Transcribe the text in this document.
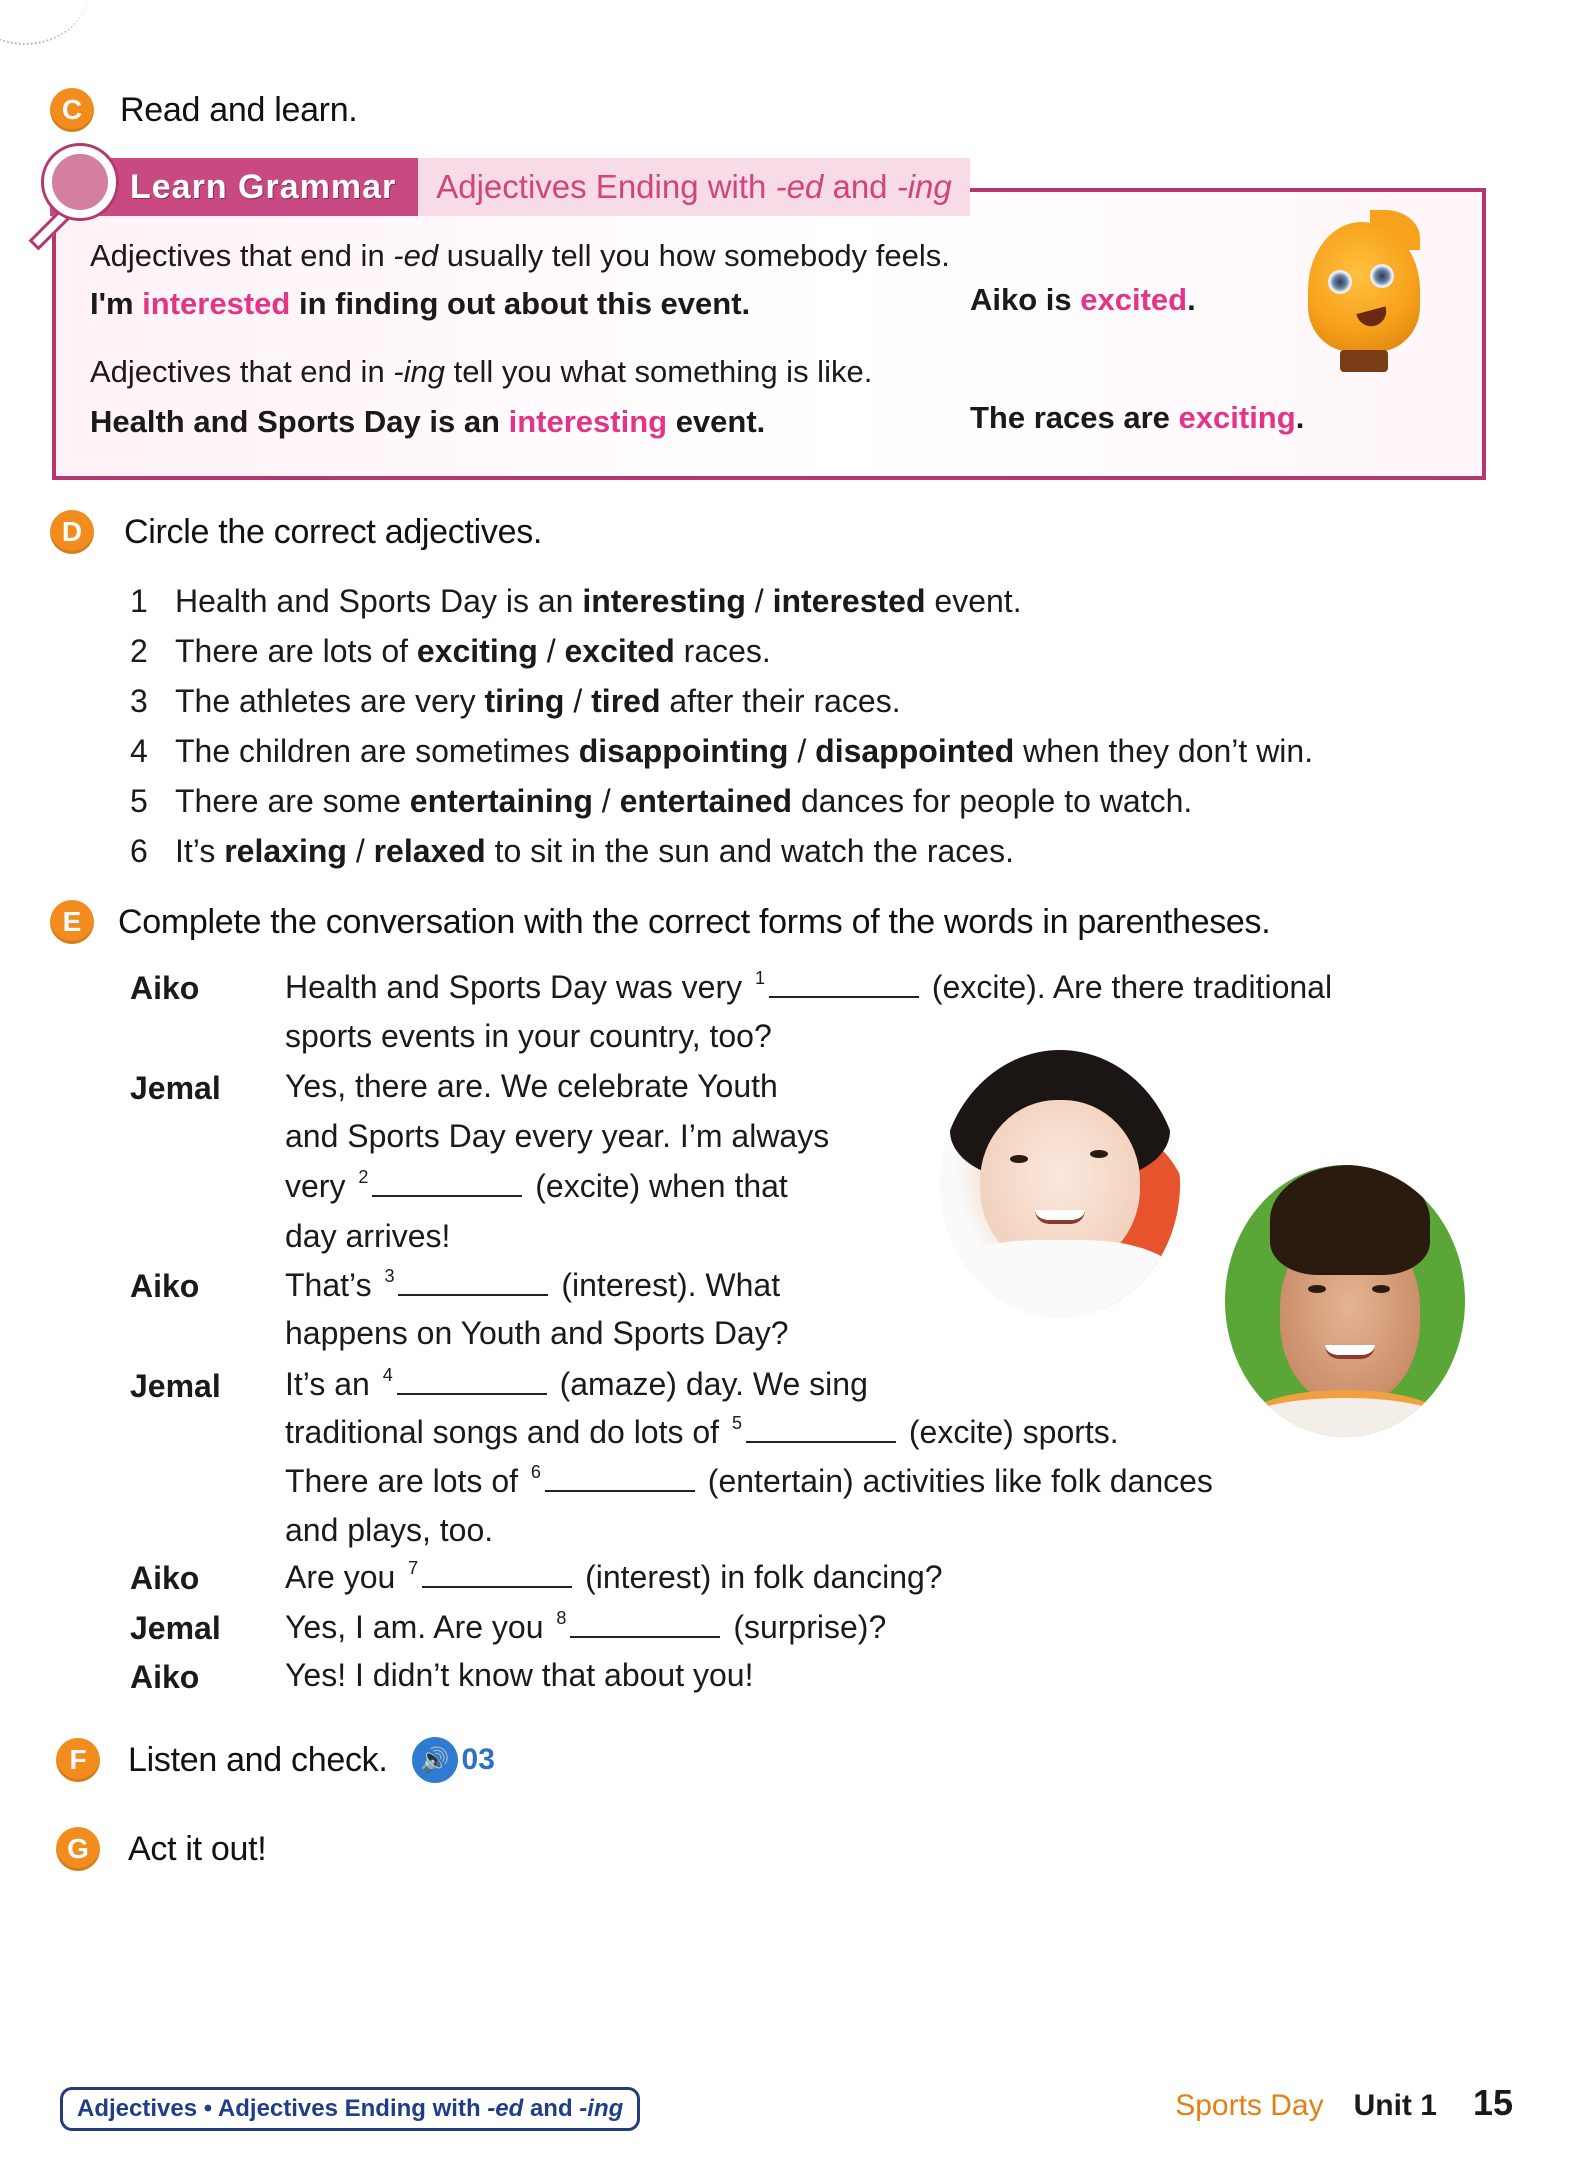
C	Read and learn.
Learn Grammar	Adjectives Ending with
-ed and -ing
Adjectives that end in -ed usually tell you how somebody feels.
I'm interested in finding out about this event.	Aiko is excited.
Adjectives that end in -ing tell you what something is like.
Health and Sports Day is an interesting event.	The races are exciting.
D	Circle the correct adjectives.
1 Health and Sports Day is an interesting / interested event.
2 There are lots of exciting / excited races.
3 The athletes are very tiring / tired after their races.
4 The children are sometimes disappointing / disappointed when they don’t win.
5 There are some entertaining / entertained dances for people to watch.
6 It’s relaxing / relaxed to sit in the sun and watch the races.
E	Complete the conversation with the correct forms of the words in parentheses.
Aiko	Health and Sports Day was very $^1$	(excite). Are there traditional
sports events in your country, too?
Jemal Yes, there are. We celebrate Youth
and Sports Day every year. I’m always
very $^2$	(excite) when that
day arrives!
Aiko	That’s $^3$	(interest). What
happens on Youth and Sports Day?
Jemal It’s an $^4$	(amaze) day. We sing
traditional songs and do lots of $^5$	(excite) sports.
There are lots of $^6$	(entertain) activities like folk dances
and plays, too.
Aiko	Are you $^7$	(interest) in folk dancing?
Jemal Yes, I am. Are you $^8$	(surprise)?
Aiko	Yes! I didn’t know that about you!
F	Listen and check.	🔊 03
G	Act it out!
Adjectives • Adjectives Ending with -ed and -ing	Sports Day Unit 1 15
